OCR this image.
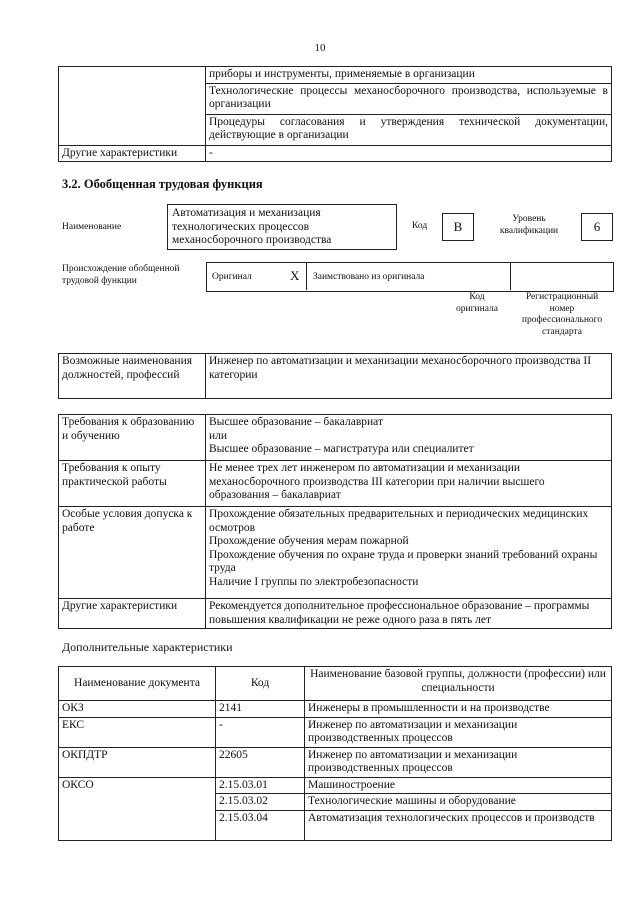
10
	приборы и инструменты, применяемые в организации
	Технологические процессы механосборочного производства, используемые в организации
	Процедуры согласования и утверждения технической документации, действующие в организации
Другие характеристики	-
3.2. Обобщенная трудовая функция
Наименование
Автоматизация и механизация технологических процессов механосборочного производства
Код	В	Уровень квалификации	6
Происхождение обобщенной трудовой функции	Оригинал	X Заимствовано из оригинала
Код оригинала
Регистрационный номер профессионального стандарта
Возможные наименования должностей, профессий	Инженер по автоматизации и механизации механосборочного производства II категории
Требования к образованию и обучению	Высшее образование – бакалавриат
или
Высшее образование – магистратура или специалитет

Требования к опыту практической работы	Не менее трех лет инженером по автоматизации и механизации механосборочного производства III категории при наличии высшего образования – бакалавриат

Особые условия допуска к работе	Прохождение обязательных предварительных и периодических медицинских осмотров
Прохождение обучения мерам пожарной
Прохождение обучения по охране труда и проверки знаний требований охраны труда
Наличие I группы по электробезопасности

Другие характеристики	Рекомендуется дополнительное профессиональное образование – программы повышения квалификации не реже одного раза в пять лет
Дополнительные характеристики
Наименование документа	Код	Наименование базовой группы, должности (профессии) или специальности
ОКЗ	2141	Инженеры в промышленности и на производстве
ЕКС	-	Инженер по автоматизации и механизации производственных процессов
ОКПДТР	22605	Инженер по автоматизации и механизации производственных процессов
ОКСО	2.15.03.01	Машиностроение
	2.15.03.02	Технологические машины и оборудование
	2.15.03.04	Автоматизация технологических процессов и производств
